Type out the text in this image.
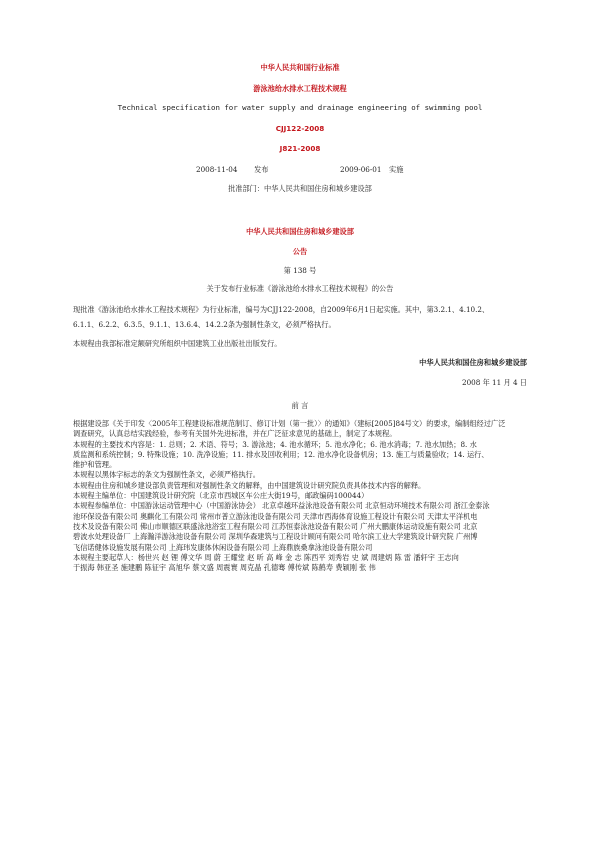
中华人民共和国行业标准
游泳池给水排水工程技术规程
Technical specification for water supply and drainage engineering of swimming pool
CJJ122-2008
J821-2008
2008-11-04 发布	2009-06-01 实施
批准部门：中华人民共和国住房和城乡建设部
中华人民共和国住房和城乡建设部
公告
第 138 号
关于发布行业标准《游泳池给水排水工程技术规程》的公告
现批准《游泳池给水排水工程技术规程》为行业标准，编号为CJJ122-2008，自2009年6月1日起实施。其中，第3.2.1、4.10.2、
6.1.1、6.2.2、6.3.5、9.1.1、13.6.4、14.2.2条为强制性条文，必须严格执行。
本规程由我部标准定额研究所组织中国建筑工业出版社出版发行。
中华人民共和国住房和城乡建设部
2008 年 11 月 4 日
前 言

根据建设部《关于印发〈2005年工程建设标准规范制订、修订计划（第一批）〉的通知》（建标[2005]84号文）的要求，编制组经过广泛

调查研究，认真总结实践经验，参考有关国外先进标准，并在广泛征求意见的基础上，制定了本规程。

本规程的主要技术内容是：1. 总则；2. 术语、符号；3. 游泳池；4. 池水循环；5. 池水净化；6. 池水消毒；7. 池水加热；8. 水

质监测和系统控制；9. 特殊设施；10. 洗净设施；11. 排水及回收利用；12. 池水净化设备机房；13. 施工与质量验收；14. 运行、

维护和管理。

本规程以黑体字标志的条文为强制性条文，必须严格执行。

本规程由住房和城乡建设部负责管理和对强制性条文的解释，由中国建筑设计研究院负责具体技术内容的解释。

本规程主编单位：中国建筑设计研究院（北京市西城区车公庄大街19号，邮政编码100044）

本规程参编单位：中国游泳运动管理中心（中国游泳协会） 北京卓越环益泳池设备有限公司 北京恒动环境技术有限公司 浙江金泰泳

池环保设备有限公司 奥麒化工有限公司 常州市普立游泳池设备有限公司 天津市西海体育设施工程设计有限公司 天津太平洋机电

技术及设备有限公司 佛山市顺德区联盛泳池浴室工程有限公司 江苏恒泰泳池设备有限公司 广州大鹏康体运动设施有限公司 北京

碧波水处理设备厂 上海瀚洋游泳池设备有限公司 深圳华森建筑与工程设计顾问有限公司 哈尔滨工业大学建筑设计研究院 广州博

飞信诺健体设施发展有限公司 上海玮发康体休闲设备有限公司 上海鼎族桑拿泳池设备有限公司

本规程主要起草人：杨世兴 赵 锂 傅文华 周 蔚 王耀堂 赵 昕 高 峰 金 志 陈西平 刘秀岩 史 斌 周建炳 陈 雷 潘轩宇 王志向

于振海 韩亚圣 施建鹏 陈征宇 高旭华 蔡文盛 周震寰 周克晶 孔德骞 傅传斌 陈鹤寿 费颖刚 张 伟
